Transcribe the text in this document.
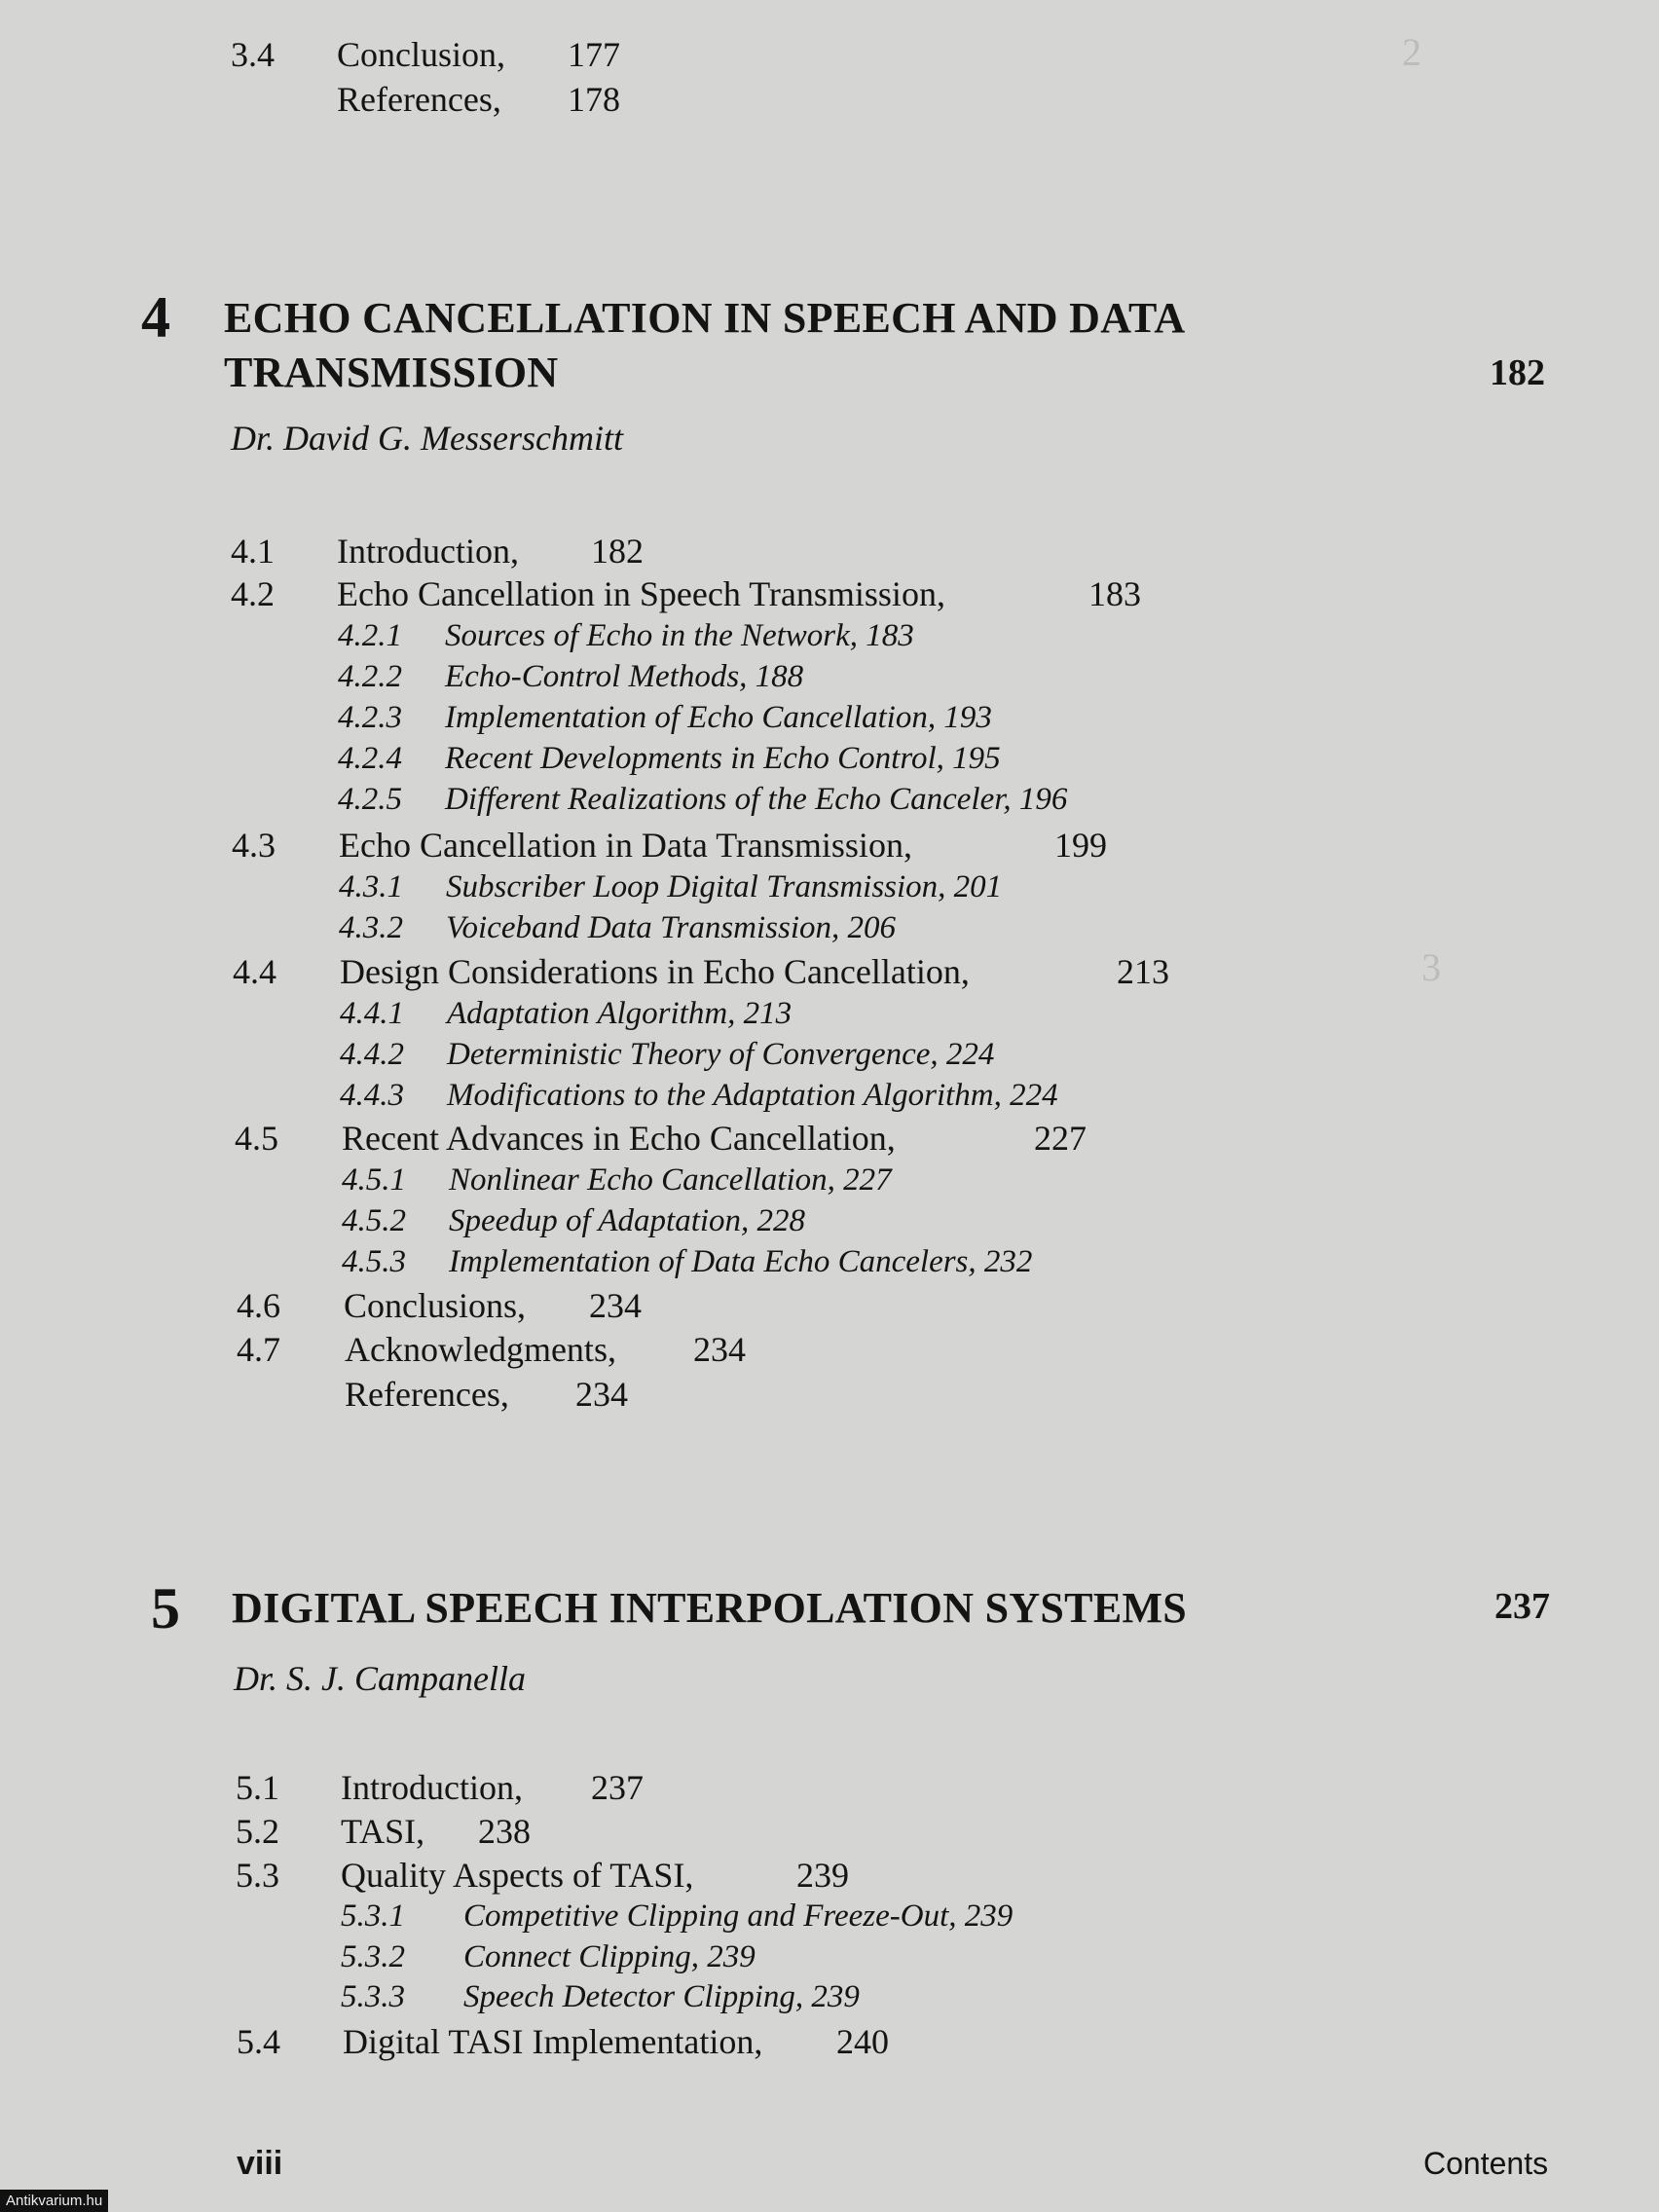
2
3
3.4 Conclusion, 177
References, 178
4 ECHO CANCELLATION IN SPEECH AND DATA
TRANSMISSION	182
Dr. David G. Messerschmitt
4.1 Introduction, 182
4.2 Echo Cancellation in Speech Transmission,	183
4.2.1 Sources of Echo in the Network, 183
4.2.2 Echo-Control Methods, 188
4.2.3 Implementation of Echo Cancellation, 193
4.2.4 Recent Developments in Echo Control, 195
4.2.5 Different Realizations of the Echo Canceler, 196
4.3 Echo Cancellation in Data Transmission,	199
4.3.1 Subscriber Loop Digital Transmission, 201
4.3.2 Voiceband Data Transmission, 206
4.4 Design Considerations in Echo Cancellation,	213
4.4.1 Adaptation Algorithm, 213
4.4.2 Deterministic Theory of Convergence, 224
4.4.3 Modifications to the Adaptation Algorithm, 224
4.5 Recent Advances in Echo Cancellation,	227
4.5.1 Nonlinear Echo Cancellation, 227
4.5.2 Speedup of Adaptation, 228
4.5.3 Implementation of Data Echo Cancelers, 232
4.6 Conclusions, 234
4.7 Acknowledgments, 234
References, 234
5 DIGITAL SPEECH INTERPOLATION SYSTEMS	237
Dr. S. J. Campanella
5.1 Introduction, 237
5.2 TASI, 238
5.3 Quality Aspects of TASI,	239
5.3.1 Competitive Clipping and Freeze-Out, 239
5.3.2 Connect Clipping, 239
5.3.3 Speech Detector Clipping, 239
5.4 Digital TASI Implementation, 240
viii	Contents
Antikvarium.hu
